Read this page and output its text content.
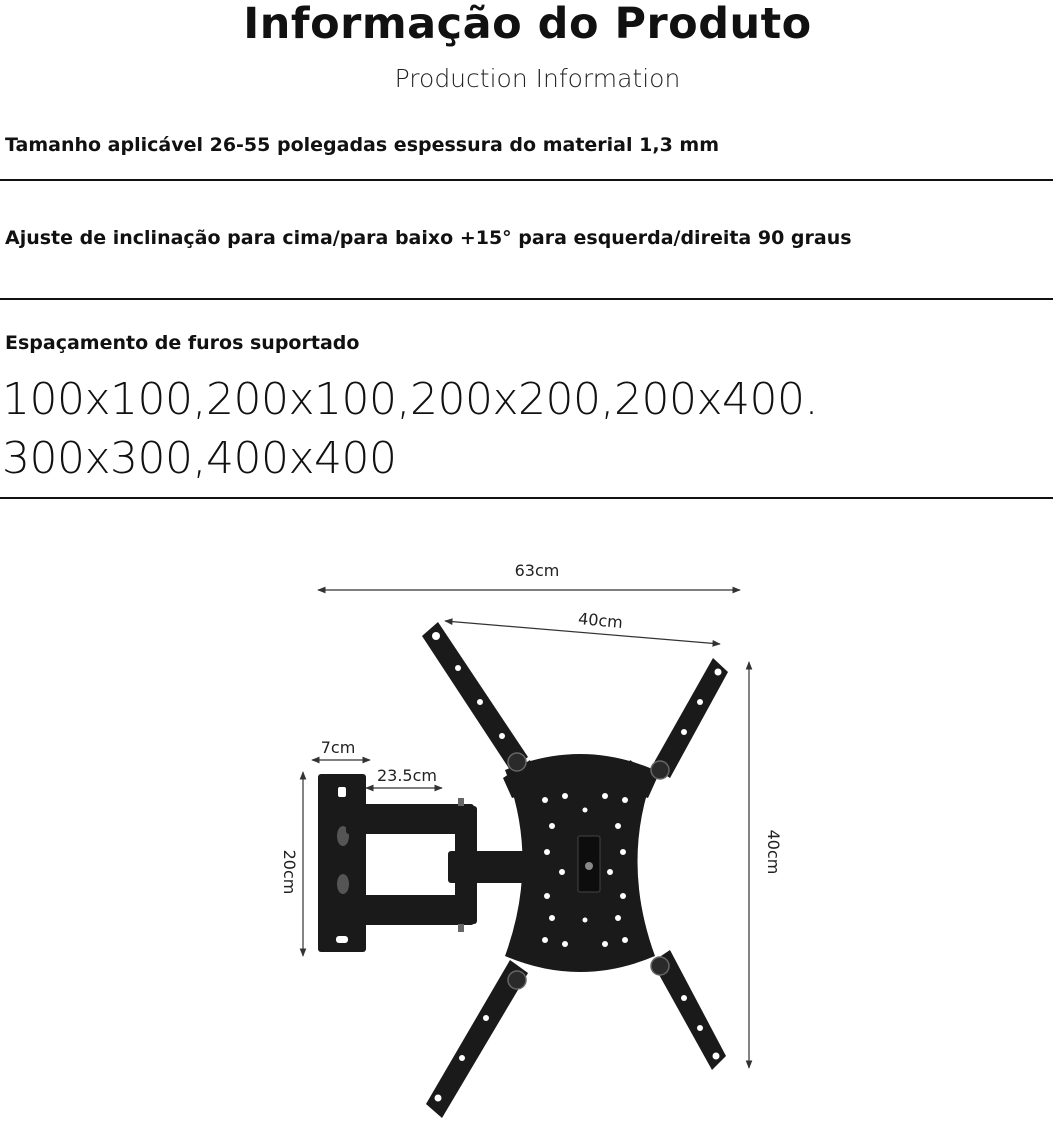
Informação do Produto
Production Information
Tamanho aplicável 26-55 polegadas espessura do material 1,3 mm
Ajuste de inclinação para cima/para baixo +15° para esquerda/direita 90 graus
Espaçamento de furos suportado
100x100,200x100,200x200,200x400.
300x300,400x400
63cm
40cm
40cm
7cm
23.5cm
20cm
